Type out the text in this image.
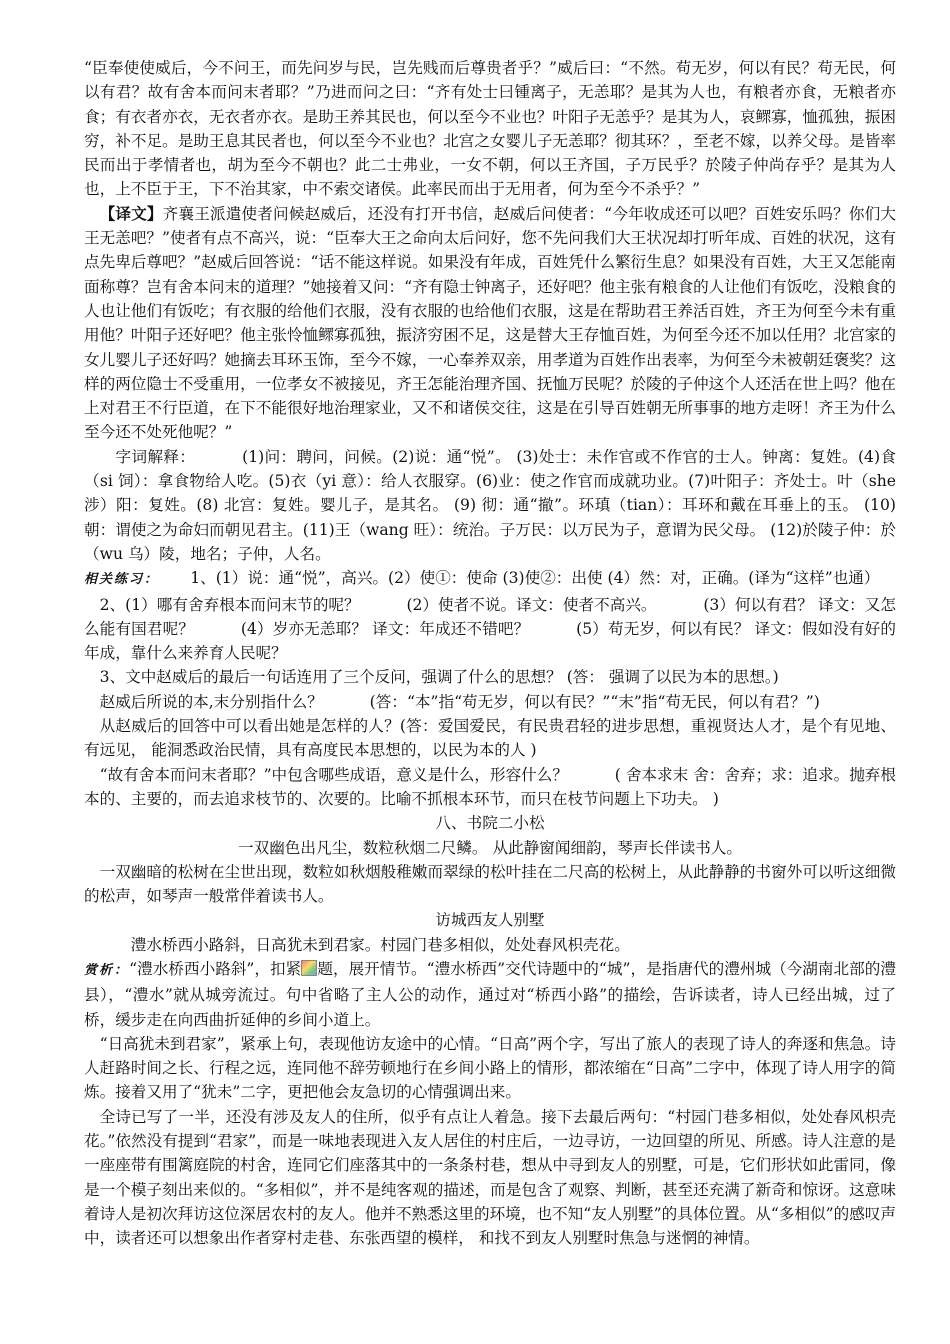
“臣奉使使威后，今不问王，而先问岁与民，岂先贱而后尊贵者乎？”威后曰：“不然。苟无岁，何以有民？苟无民，何以有君？故有舍本而问末者耶？”乃进而问之曰：“齐有处士曰锺离子，无恙耶？是其为人也，有粮者亦食，无粮者亦食；有衣者亦衣，无衣者亦衣。是助王养其民也，何以至今不业也？叶阳子无恙乎？是其为人，哀鳏寡，恤孤独，振困穷，补不足。是助王息其民者也，何以至今不业也？北宫之女婴儿子无恙耶？彻其环？，至老不嫁，以养父母。是皆率民而出于孝情者也，胡为至今不朝也？此二士弗业，一女不朝，何以王齐国，子万民乎？於陵子仲尚存乎？是其为人也，上不臣于王，下不治其家，中不索交诸侯。此率民而出于无用者，何为至今不杀乎？”

【译文】齐襄王派遣使者问候赵威后，还没有打开书信，赵威后问使者：“今年收成还可以吧？百姓安乐吗？你们大王无恙吧？”使者有点不高兴，说：“臣奉大王之命向太后问好，您不先问我们大王状况却打听年成、百姓的状况，这有点先卑后尊吧？”赵威后回答说：“话不能这样说。如果没有年成，百姓凭什么繁衍生息？如果没有百姓，大王又怎能南面称尊？岂有舍本问末的道理？”她接着又问：“齐有隐士钟离子，还好吧？他主张有粮食的人让他们有饭吃，没粮食的人也让他们有饭吃；有衣服的给他们衣服，没有衣服的也给他们衣服，这是在帮助君王养活百姓，齐王为何至今未有重用他？叶阳子还好吧？他主张怜恤鳏寡孤独，振济穷困不足，这是替大王存恤百姓，为何至今还不加以任用？北宫家的女儿婴儿子还好吗？她摘去耳环玉饰，至今不嫁，一心奉养双亲，用孝道为百姓作出表率，为何至今未被朝廷褒奖？这样的两位隐士不受重用，一位孝女不被接见，齐王怎能治理齐国、抚恤万民呢？於陵的子仲这个人还活在世上吗？他在上对君王不行臣道，在下不能很好地治理家业，又不和诸侯交往，这是在引导百姓朝无所事事的地方走呀！齐王为什么至今还不处死他呢？”

字词解释：	(1)问：聘问，问候。(2)说：通“悦”。 (3)处士：未作官或不作官的士人。钟离：复姓。(4)食（si 饲）：拿食物给人吃。(5)衣（yi 意）：给人衣服穿。(6)业：使之作官而成就功业。(7)叶阳子：齐处士。叶（she 涉）阳：复姓。(8) 北宫：复姓。婴儿子，是其名。 (9) 彻：通“撤”。环瑱（tian）：耳环和戴在耳垂上的玉。 (10) 朝：谓使之为命妇而朝见君主。(11)王（wang 旺）：统治。子万民：以万民为子，意谓为民父母。 (12)於陵子仲：於（wu 乌）陵，地名；子仲，人名。

相关练习： 1、(1）说：通“悦”，高兴。(2）使①：使命 (3)使②：出使 (4）然：对，正确。(译为“这样”也通）

2、(1）哪有舍弃根本而问末节的呢？	(2）使者不说。译文：使者不高兴。	(3）何以有君？ 译文：又怎么能有国君呢？	(4）岁亦无恙耶？ 译文：年成还不错吧？	(5）苟无岁，何以有民？ 译文：假如没有好的年成，靠什么来养育人民呢？

3、文中赵威后的最后一句话连用了三个反问，强调了什么的思想？ (答： 强调了以民为本的思想。)

赵威后所说的本,末分别指什么？	(答：“本”指“苟无岁，何以有民？”“末”指“苟无民，何以有君？”)

从赵威后的回答中可以看出她是怎样的人？(答：爱国爱民，有民贵君轻的进步思想，重视贤达人才，是个有见地、有远见， 能洞悉政治民情，具有高度民本思想的，以民为本的人 )

“故有舍本而问末者耶？”中包含哪些成语，意义是什么，形容什么？	( 舍本求末 舍：舍弃；求：追求。抛弃根本的、主要的，而去追求枝节的、次要的。比喻不抓根本环节，而只在枝节问题上下功夫。 )

八、书院二小松

一双幽色出凡尘，数粒秋烟二尺鳞。 从此静窗闻细韵，琴声长伴读书人。

一双幽暗的松树在尘世出现，数粒如秋烟般稚嫩而翠绿的松叶挂在二尺高的松树上，从此静静的书窗外可以听这细微的松声，如琴声一般常伴着读书人。

访城西友人别墅

澧水桥西小路斜，日高犹未到君家。村园门巷多相似，处处春风枳壳花。

赏析：“澧水桥西小路斜”，扣紧 题，展开情节。“澧水桥西”交代诗题中的“城”，是指唐代的澧州城（今湖南北部的澧县），“澧水”就从城旁流过。句中省略了主人公的动作，通过对“桥西小路”的描绘，告诉读者，诗人已经出城，过了桥，缓步走在向西曲折延伸的乡间小道上。

“日高犹未到君家”，紧承上句，表现他访友途中的心情。“日高”两个字，写出了旅人的表现了诗人的奔逐和焦急。诗人赶路时间之长、行程之远，连同他不辞劳顿地行在乡间小路上的情形，都浓缩在“日高”二字中，体现了诗人用字的简炼。接着又用了“犹未”二字，更把他会友急切的心情强调出来。

全诗已写了一半，还没有涉及友人的住所，似乎有点让人着急。接下去最后两句：“村园门巷多相似，处处春风枳壳花。”依然没有提到“君家”，而是一味地表现进入友人居住的村庄后，一边寻访，一边回望的所见、所感。诗人注意的是一座座带有围篱庭院的村舍，连同它们座落其中的一条条村巷，想从中寻到友人的别墅，可是，它们形状如此雷同，像是一个模子刻出来似的。“多相似”，并不是纯客观的描述，而是包含了观察、判断，甚至还充满了新奇和惊讶。这意味着诗人是初次拜访这位深居农村的友人。他并不熟悉这里的环境，也不知“友人别墅”的具体位置。从“多相似”的感叹声中，读者还可以想象出作者穿村走巷、东张西望的模样， 和找不到友人别墅时焦急与迷惘的神情。
